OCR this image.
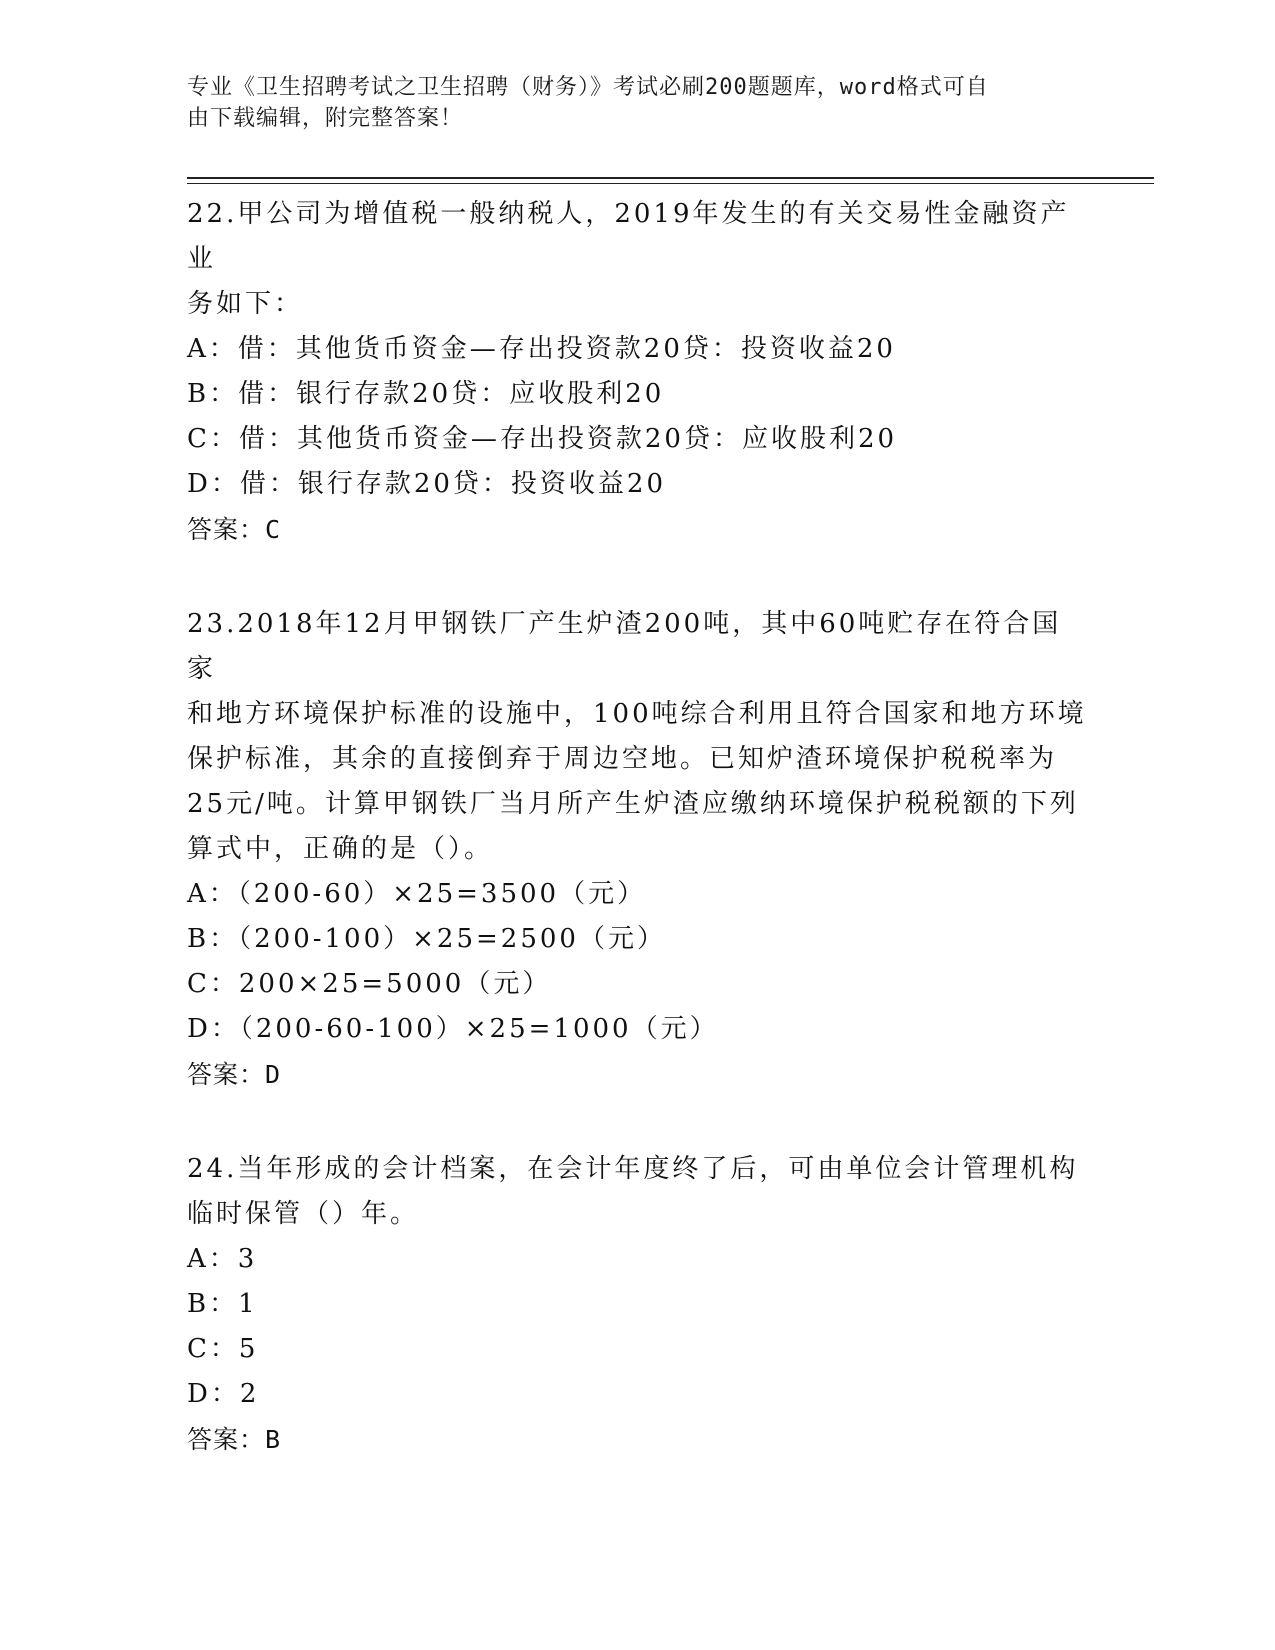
专业《卫生招聘考试之卫生招聘（财务）》考试必刷200题题库，word格式可自
由下载编辑，附完整答案！
22.甲公司为增值税一般纳税人，2019年发生的有关交易性金融资产业
务如下：
A：借：其他货币资金—存出投资款20贷：投资收益20
B：借：银行存款20贷：应收股利20
C：借：其他货币资金—存出投资款20贷：应收股利20
D：借：银行存款20贷：投资收益20
答案：C
23.2018年12月甲钢铁厂产生炉渣200吨，其中60吨贮存在符合国家
和地方环境保护标准的设施中，100吨综合利用且符合国家和地方环境
保护标准，其余的直接倒弃于周边空地。已知炉渣环境保护税税率为
25元/吨。计算甲钢铁厂当月所产生炉渣应缴纳环境保护税税额的下列
算式中，正确的是（）。
A：（200-60）×25=3500（元）
B：（200-100）×25=2500（元）
C：200×25=5000（元）
D：（200-60-100）×25=1000（元）
答案：D
24.当年形成的会计档案，在会计年度终了后，可由单位会计管理机构
临时保管（）年。
A：3
B：1
C：5
D：2
答案：B
